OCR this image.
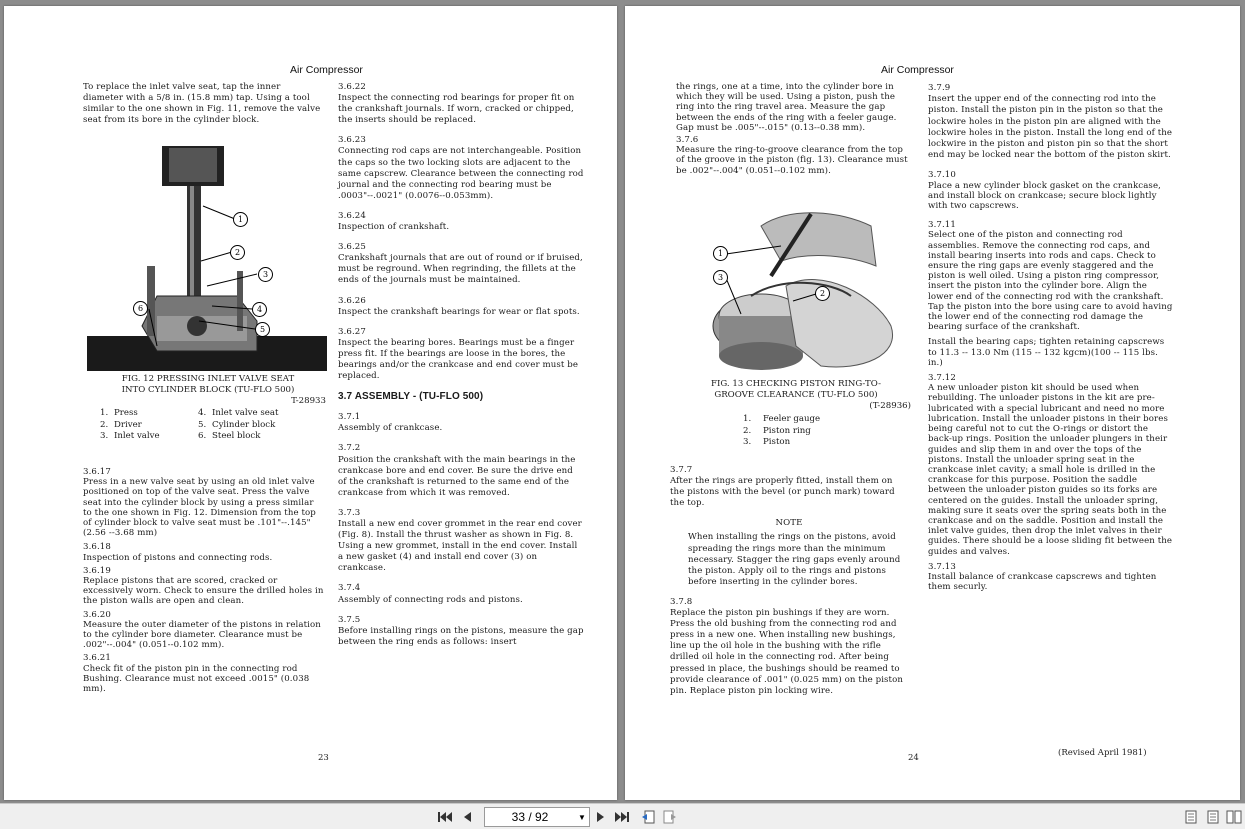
Air Compressor

To replace the inlet valve seat, tap the inner diameter with a 5/8 in. (15.8 mm) tap. Using a tool similar to the one shown in Fig. 11, remove the valve seat from its bore in the cylinder block.

1
2
3
4
5
6
FIG. 12 PRESSING INLET VALVE SEAT
INTO CYLINDER BLOCK (TU-FLO 500)
T-28933
1. Press	4. Inlet valve seat
2. Driver	5. Cylinder block
3. Inlet valve	6. Steel block
3.6.17
Press in a new valve seat by using an old inlet valve positioned on top of the valve seat. Press the valve seat into the cylinder block by using a press similar to the one shown in Fig. 12. Dimension from the top of cylinder block to valve seat must be .101"--.145" (2.56 --3.68 mm)
3.6.18
Inspection of pistons and connecting rods.
3.6.19
Replace pistons that are scored, cracked or excessively worn. Check to ensure the drilled holes in the piston walls are open and clean.
3.6.20
Measure the outer diameter of the pistons in relation to the cylinder bore diameter. Clearance must be .002"--.004" (0.051--0.102 mm).
3.6.21
Check fit of the piston pin in the connecting rod Bushing. Clearance must not exceed .0015" (0.038 mm).

3.6.22
Inspect the connecting rod bearings for proper fit on the crankshaft journals. If worn, cracked or chipped, the inserts should be replaced.

3.6.23
Connecting rod caps are not interchangeable. Position the caps so the two locking slots are adjacent to the same capscrew. Clearance between the connecting rod journal and the connecting rod bearing must be .0003"--.0021" (0.0076--0.053mm).

3.6.24
Inspection of crankshaft.

3.6.25
Crankshaft journals that are out of round or if bruised, must be reground. When regrinding, the fillets at the ends of the journals must be maintained.

3.6.26
Inspect the crankshaft bearings for wear or flat spots.

3.6.27
Inspect the bearing bores. Bearings must be a finger press fit. If the bearings are loose in the bores, the bearings and/or the crankcase and end cover must be replaced.

3.7 ASSEMBLY - (TU-FLO 500)

3.7.1
Assembly of crankcase.

3.7.2
Position the crankshaft with the main bearings in the crankcase bore and end cover. Be sure the drive end of the crankshaft is returned to the same end of the crankcase from which it was removed.

3.7.3
Install a new end cover grommet in the rear end cover (Fig. 8). Install the thrust washer as shown in Fig. 8. Using a new grommet, install in the end cover. Install a new gasket (4) and install end cover (3) on crankcase.

3.7.4
Assembly of connecting rods and pistons.

3.7.5
Before installing rings on the pistons, measure the gap between the ring ends as follows: insert

23
Air Compressor

the rings, one at a time, into the cylinder bore in which they will be used. Using a piston, push the ring into the ring travel area. Measure the gap between the ends of the ring with a feeler gauge. Gap must be .005"--.015" (0.13--0.38 mm).

3.7.6
Measure the ring-to-groove clearance from the top of the groove in the piston (fig. 13). Clearance must be .002"--.004" (0.051--0.102 mm).

1
3
2
FIG. 13 CHECKING PISTON RING-TO-
GROOVE CLEARANCE (TU-FLO 500)
(T-28936)
1.	Feeler gauge
2.	Piston ring
3.	Piston

3.7.7
After the rings are properly fitted, install them on the pistons with the bevel (or punch mark) toward the top.

NOTE
When installing the rings on the pistons, avoid spreading the rings more than the minimum necessary. Stagger the ring gaps evenly around the piston. Apply oil to the rings and pistons before inserting in the cylinder bores.

3.7.8
Replace the piston pin bushings if they are worn. Press the old bushing from the connecting rod and press in a new one. When installing new bushings, line up the oil hole in the bushing with the rifle drilled oil hole in the connecting rod. After being pressed in place, the bushings should be reamed to provide clearance of .001" (0.025 mm) on the piston pin. Replace piston pin locking wire.

3.7.9
Insert the upper end of the connecting rod into the piston. Install the piston pin in the piston so that the lockwire holes in the piston pin are aligned with the lockwire holes in the piston. Install the long end of the lockwire in the piston and piston pin so that the short end may be locked near the bottom of the piston skirt.

3.7.10
Place a new cylinder block gasket on the crankcase, and install block on crankcase; secure block lightly with two capscrews.

3.7.11
Select one of the piston and connecting rod assemblies. Remove the connecting rod caps, and install bearing inserts into rods and caps. Check to ensure the ring gaps are evenly staggered and the piston is well oiled. Using a piston ring compressor, insert the piston into the cylinder bore. Align the lower end of the connecting rod with the crankshaft. Tap the piston into the bore using care to avoid having the lower end of the connecting rod damage the bearing surface of the crankshaft.

Install the bearing caps; tighten retaining capscrews to 11.3 -- 13.0 Nm (115 -- 132 kgcm)(100 -- 115 lbs. in.)

3.7.12
A new unloader piston kit should be used when rebuilding. The unloader pistons in the kit are pre-lubricated with a special lubricant and need no more lubrication. Install the unloader pistons in their bores being careful not to cut the O-rings or distort the back-up rings. Position the unloader plungers in their guides and slip them in and over the tops of the pistons. Install the unloader spring seat in the crankcase inlet cavity; a small hole is drilled in the crankcase for this purpose. Position the saddle between the unloader piston guides so its forks are centered on the guides. Install the unloader spring, making sure it seats over the spring seats both in the crankcase and on the saddle. Position and install the inlet valve guides, then drop the inlet valves in their guides. There should be a loose sliding fit between the guides and valves.

3.7.13
Install balance of crankcase capscrews and tighten them securly.

(Revised April 1981)
24
33 / 92	▼
